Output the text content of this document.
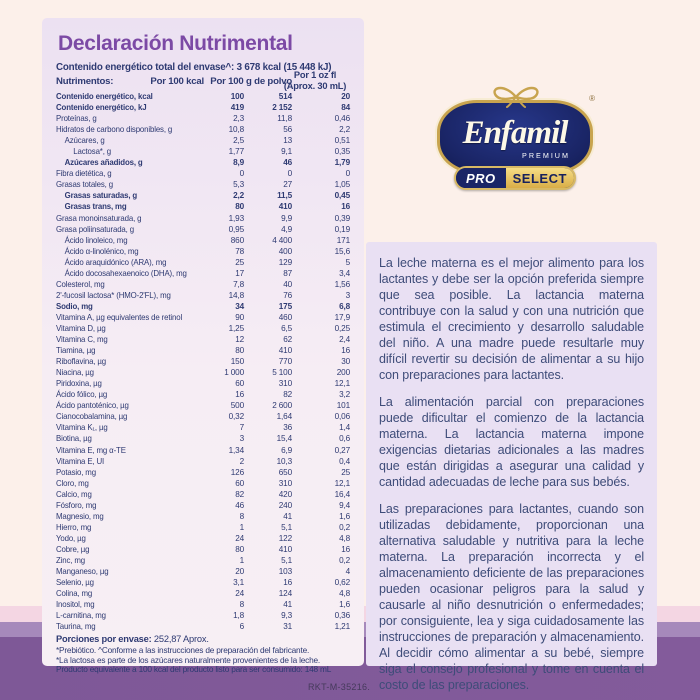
Declaración Nutrimental
Contenido energético total del envase^: 3 678 kcal (15 448 kJ)
Por 1 oz fl
(Aprox. 30 mL)
Nutrimentos:	Por 100 kcal Por 100 g de polvo
Contenido energético, kcal	100	514	20
Contenido energético, kJ	419	2 152	84
Proteínas, g	2,3	11,8	0,46
Hidratos de carbono disponibles, g	10,8	56	2,2
Azúcares, g	2,5	13	0,51
Lactosa*, g	1,77	9,1	0,35
Azúcares añadidos, g	8,9	46	1,79
Fibra dietética, g	0	0	0
Grasas totales, g	5,3	27	1,05
Grasas saturadas, g	2,2	11,5	0,45
Grasas trans, mg	80	410	16
Grasa monoinsaturada, g	1,93	9,9	0,39
Grasa poliinsaturada, g	0,95	4,9	0,19
Ácido linoleico, mg	860	4 400	171
Ácido α-linolénico, mg	78	400	15,6
Ácido araquidónico (ARA), mg	25	129	5
Ácido docosahexaenoico (DHA), mg	17	87	3,4
Colesterol, mg	7,8	40	1,56
2'-fucosil lactosa* (HMO-2'FL), mg	14,8	76	3
Sodio, mg	34	175	6,8
Vitamina A, µg equivalentes de retinol	90	460	17,9
Vitamina D, µg	1,25	6,5	0,25
Vitamina C, mg	12	62	2,4
Tiamina, µg	80	410	16
Riboflavina, µg	150	770	30
Niacina, µg	1 000	5 100	200
Piridoxina, µg	60	310	12,1
Ácido fólico, µg	16	82	3,2
Ácido pantoténico, µg	500	2 600	101
Cianocobalamina, µg	0,32	1,64	0,06
Vitamina K₁, µg	7	36	1,4
Biotina, µg	3	15,4	0,6
Vitamina E, mg α-TE	1,34	6,9	0,27
Vitamina E, UI	2	10,3	0,4
Potasio, mg	126	650	25
Cloro, mg	60	310	12,1
Calcio, mg	82	420	16,4
Fósforo, mg	46	240	9,4
Magnesio, mg	8	41	1,6
Hierro, mg	1	5,1	0,2
Yodo, µg	24	122	4,8
Cobre, µg	80	410	16
Zinc, mg	1	5,1	0,2
Manganeso, µg	20	103	4
Selenio, µg	3,1	16	0,62
Colina, mg	24	124	4,8
Inositol, mg	8	41	1,6
L-carnitina, mg	1,8	9,3	0,36
Taurina, mg	6	31	1,21
Porciones por envase: 252,87 Aprox.
*Prebiótico. ^Conforme a las instrucciones de preparación del fabricante.
*La lactosa es parte de los azúcares naturalmente provenientes de la leche.
Producto equivalente a 100 kcal del producto listo para ser consumido: 148 mL
®
Enfamil
PREMIUM
PRO	SELECT

La leche materna es el mejor alimento para los lactantes y debe ser la opción preferida siempre que sea posible. La lactancia materna contribuye con la salud y con una nutrición que estimula el crecimiento y desarrollo saludable del niño. A una madre puede resultarle muy difícil revertir su decisión de alimentar a su hijo con preparaciones para lactantes.

La alimentación parcial con preparaciones puede dificultar el comienzo de la lactancia materna. La lactancia materna impone exigencias dietarias adicionales a las madres que están dirigidas a asegurar una calidad y cantidad adecuadas de leche para sus bebés.

Las preparaciones para lactantes, cuando son utilizadas debidamente, proporcionan una alternativa saludable y nutritiva para la leche materna. La preparación incorrecta y el almacenamiento deficiente de las preparaciones pueden ocasionar peligros para la salud y causarle al niño desnutrición o enfermedades; por consiguiente, lea y siga cuidadosamente las instrucciones de preparación y almacenamiento. Al decidir cómo alimentar a su bebé, siempre siga el consejo profesional y tome en cuenta el costo de las preparaciones.

RKT-M-35216.
